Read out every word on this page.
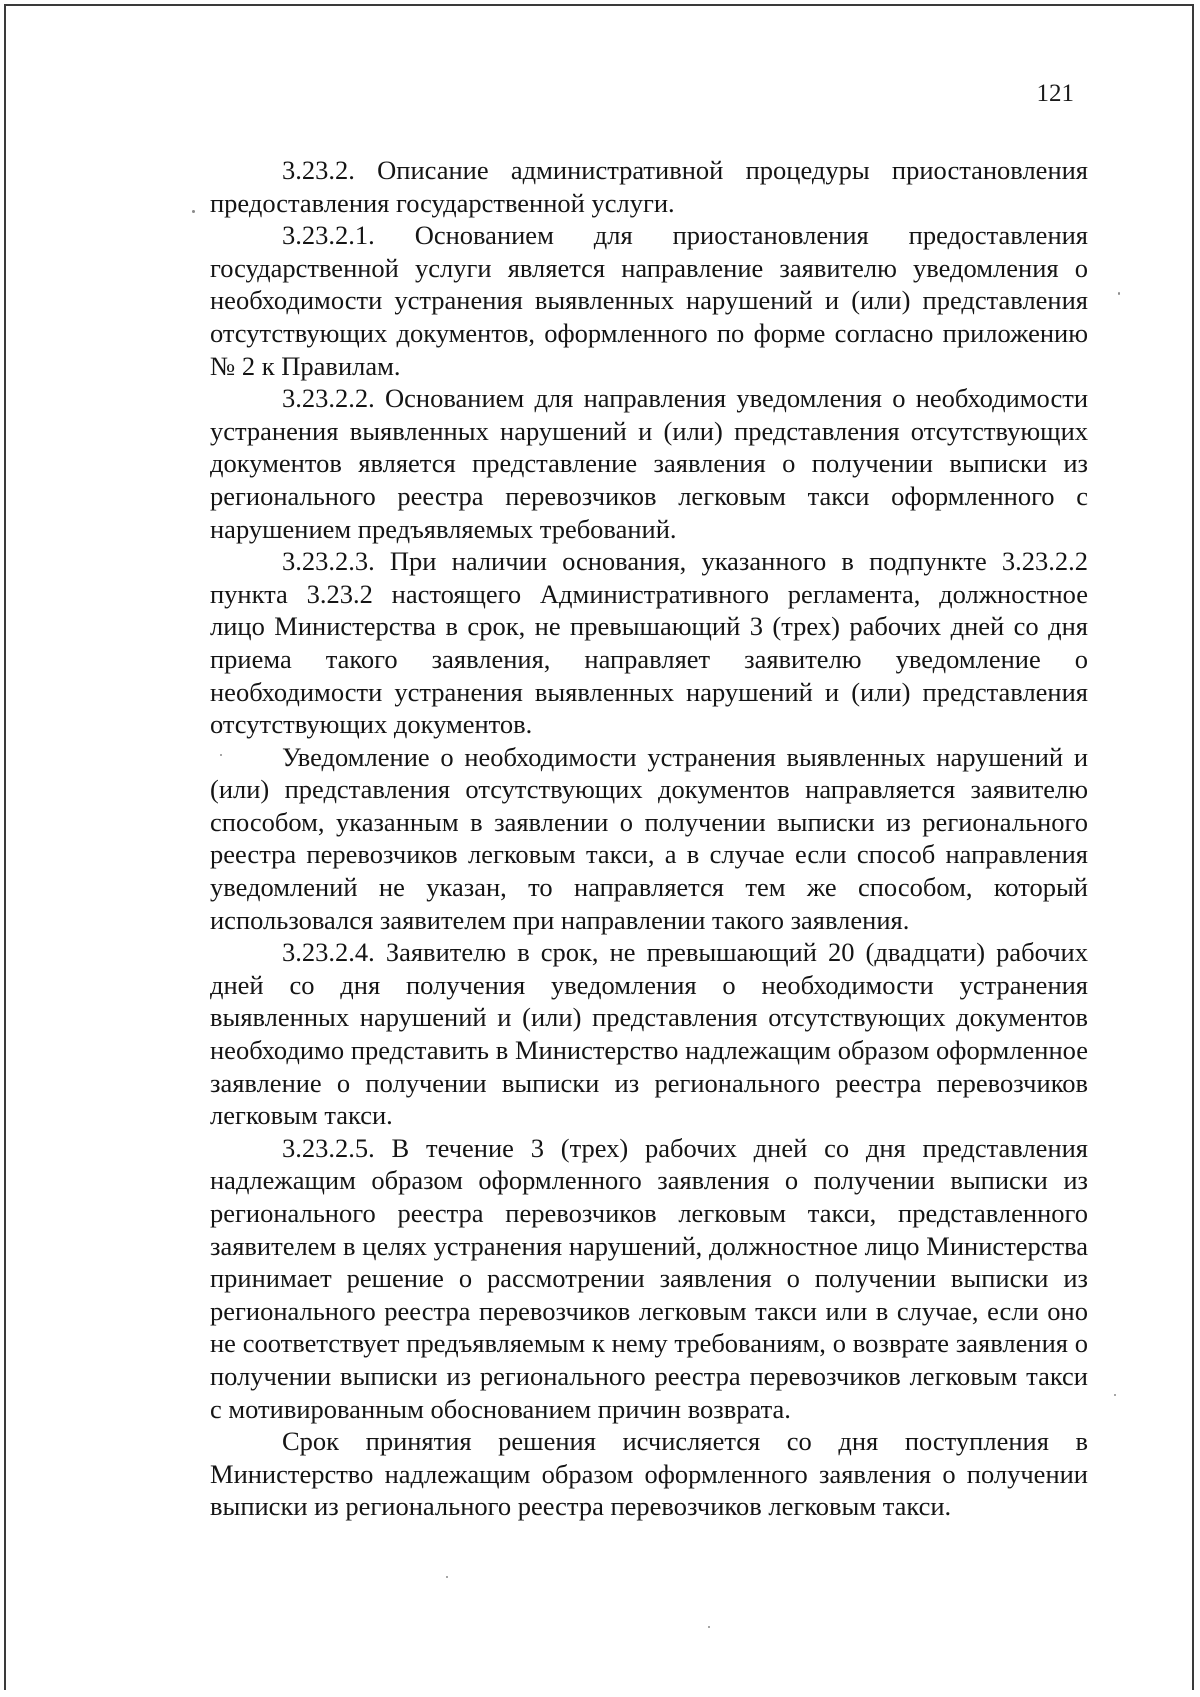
121

3.23.2. Описание административной процедуры приостановления предоставления государственной услуги.

3.23.2.1. Основанием для приостановления предоставления государственной услуги является направление заявителю уведомления о необходимости устранения выявленных нарушений и (или) представления отсутствующих документов, оформленного по форме согласно приложению № 2 к Правилам.

3.23.2.2. Основанием для направления уведомления о необходимости устранения выявленных нарушений и (или) представления отсутствующих документов является представление заявления о получении выписки из регионального реестра перевозчиков легковым такси оформленного с нарушением предъявляемых требований.

3.23.2.3. При наличии основания, указанного в подпункте 3.23.2.2 пункта 3.23.2 настоящего Административного регламента, должностное лицо Министерства в срок, не превышающий 3 (трех) рабочих дней со дня приема такого заявления, направляет заявителю уведомление о необходимости устранения выявленных нарушений и (или) представления отсутствующих документов.

Уведомление о необходимости устранения выявленных нарушений и (или) представления отсутствующих документов направляется заявителю способом, указанным в заявлении о получении выписки из регионального реестра перевозчиков легковым такси, а в случае если способ направления уведомлений не указан, то направляется тем же способом, который использовался заявителем при направлении такого заявления.

3.23.2.4. Заявителю в срок, не превышающий 20 (двадцати) рабочих дней со дня получения уведомления о необходимости устранения выявленных нарушений и (или) представления отсутствующих документов необходимо представить в Министерство надлежащим образом оформленное заявление о получении выписки из регионального реестра перевозчиков легковым такси.

3.23.2.5. В течение 3 (трех) рабочих дней со дня представления надлежащим образом оформленного заявления о получении выписки из регионального реестра перевозчиков легковым такси, представленного заявителем в целях устранения нарушений, должностное лицо Министерства принимает решение о рассмотрении заявления о получении выписки из регионального реестра перевозчиков легковым такси или в случае, если оно не соответствует предъявляемым к нему требованиям, о возврате заявления о получении выписки из регионального реестра перевозчиков легковым такси с мотивированным обоснованием причин возврата.

Срок принятия решения исчисляется со дня поступления в Министерство надлежащим образом оформленного заявления о получении выписки из регионального реестра перевозчиков легковым такси.
